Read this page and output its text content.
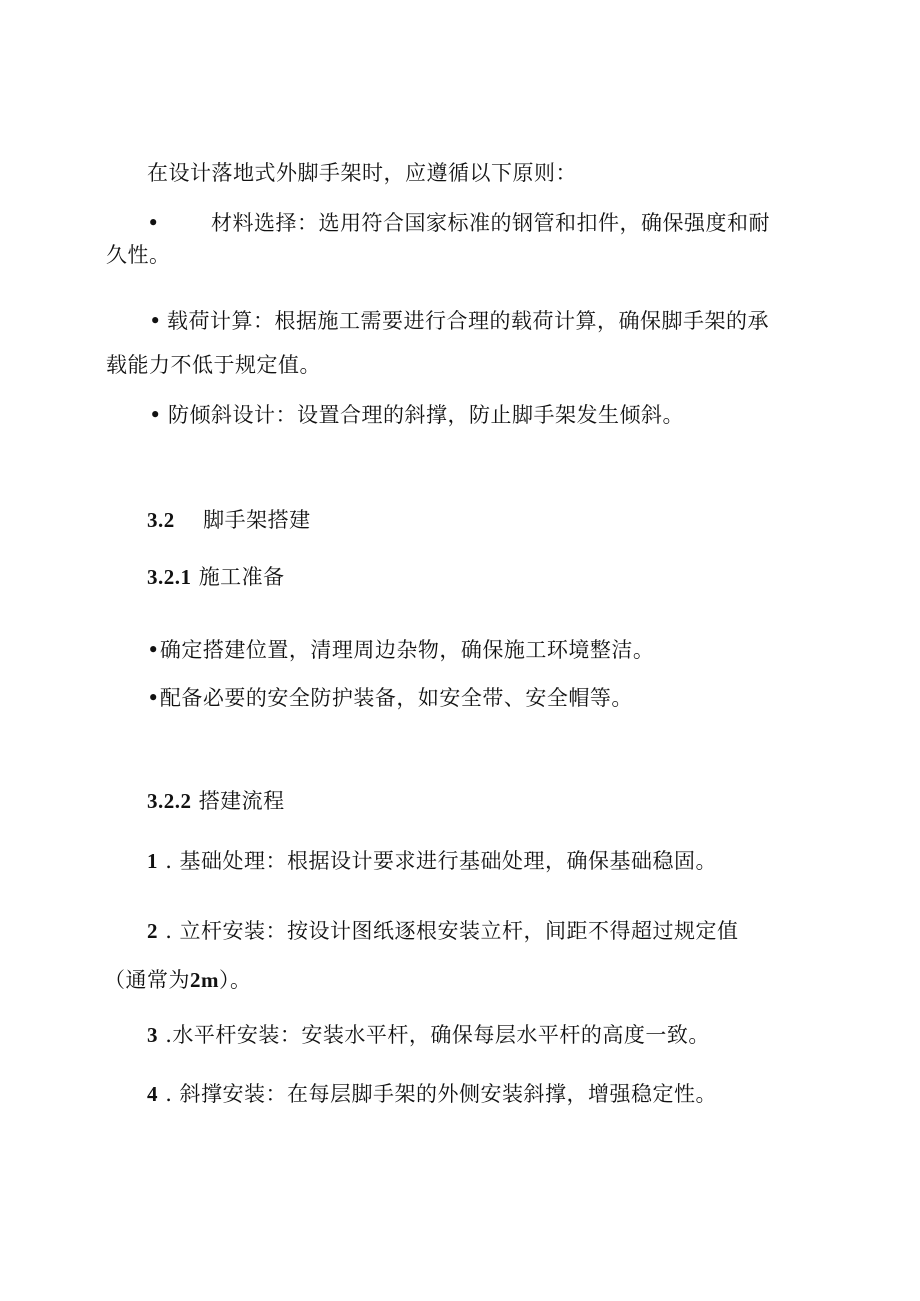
在设计落地式外脚手架时，应遵循以下原则：
• 材料选择：选用符合国家标准的钢管和扣件，确保强度和耐
久性。
• 载荷计算：根据施工需要进行合理的载荷计算，确保脚手架的承
载能力不低于规定值。
• 防倾斜设计：设置合理的斜撑，防止脚手架发生倾斜。
3.2 脚手架搭建
3.2.1 施工准备
•确定搭建位置，清理周边杂物，确保施工环境整洁。
•配备必要的安全防护装备，如安全带、安全帽等。
3.2.2 搭建流程
1 . 基础处理：根据设计要求进行基础处理，确保基础稳固。
2 . 立杆安装：按设计图纸逐根安装立杆，间距不得超过规定值
（通常为2m）。
3 .水平杆安装：安装水平杆，确保每层水平杆的高度一致。
4 . 斜撑安装：在每层脚手架的外侧安装斜撑，增强稳定性。
